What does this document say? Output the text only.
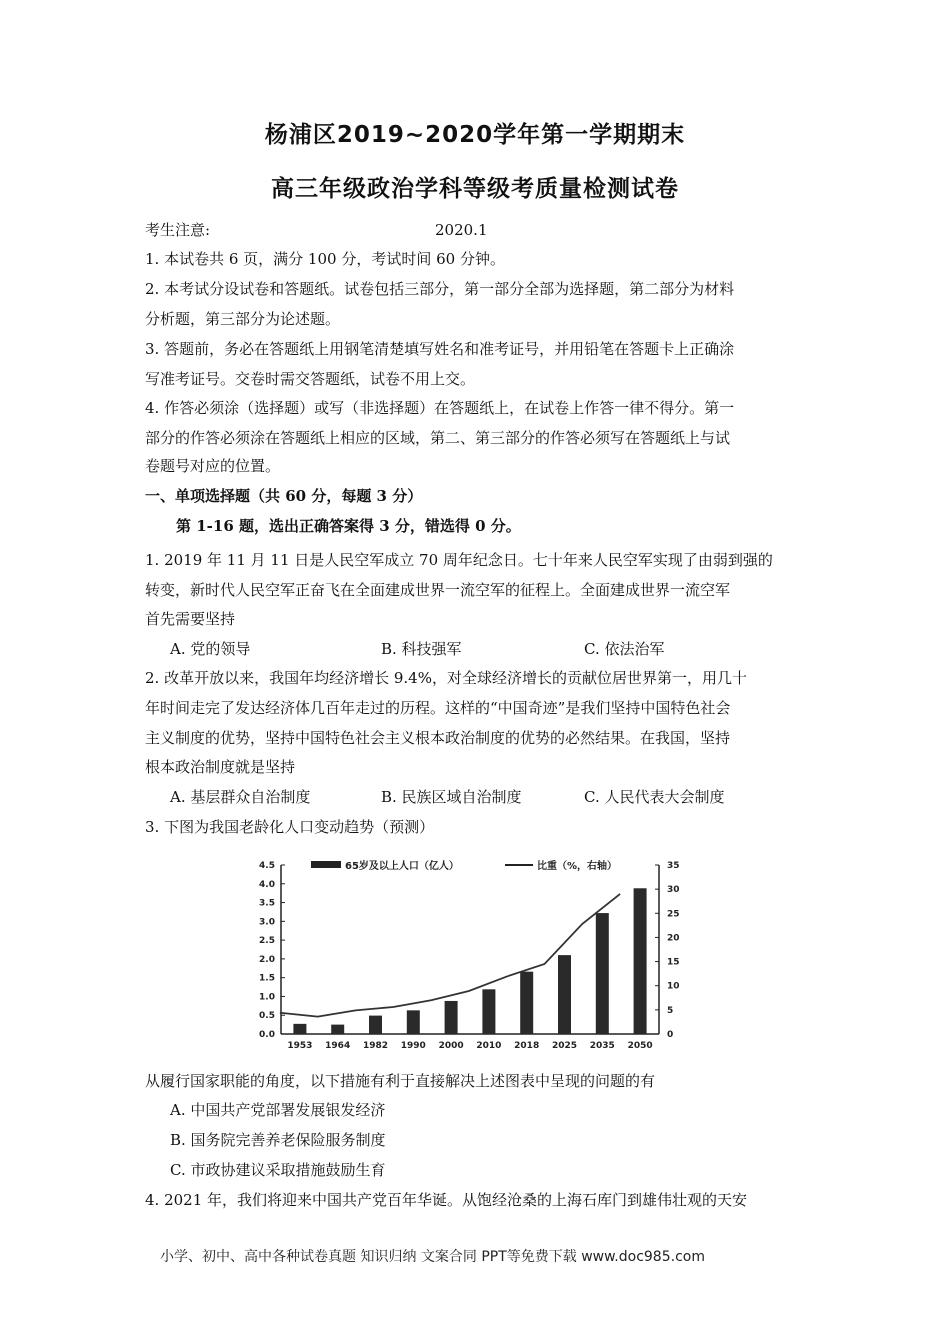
杨浦区2019~2020学年第一学期期末
高三年级政治学科等级考质量检测试卷
考生注意:	2020.1
1. 本试卷共 6 页，满分 100 分，考试时间 60 分钟。
2. 本考试分设试卷和答题纸。试卷包括三部分，第一部分全部为选择题，第二部分为材料
分析题，第三部分为论述题。
3. 答题前，务必在答题纸上用钢笔清楚填写姓名和准考证号，并用铅笔在答题卡上正确涂
写准考证号。交卷时需交答题纸，试卷不用上交。
4. 作答必须涂（选择题）或写（非选择题）在答题纸上，在试卷上作答一律不得分。第一
部分的作答必须涂在答题纸上相应的区域，第二、第三部分的作答必须写在答题纸上与试
卷题号对应的位置。
一、单项选择题（共 60 分，每题 3 分）
第 1-16 题，选出正确答案得 3 分，错选得 0 分。
1. 2019 年 11 月 11 日是人民空军成立 70 周年纪念日。七十年来人民空军实现了由弱到强的
转变，新时代人民空军正奋飞在全面建成世界一流空军的征程上。全面建成世界一流空军
首先需要坚持
A. 党的领导	B. 科技强军	C. 依法治军
2. 改革开放以来，我国年均经济增长 9.4%，对全球经济增长的贡献位居世界第一，用几十
年时间走完了发达经济体几百年走过的历程。这样的“中国奇迹”是我们坚持中国特色社会
主义制度的优势，坚持中国特色社会主义根本政治制度的优势的必然结果。在我国，坚持
根本政治制度就是坚持
A. 基层群众自治制度	B. 民族区域自治制度	C. 人民代表大会制度
3. 下图为我国老龄化人口变动趋势（预测）
65岁及以上人口（亿人）	比重（%，右轴）
0.0
0.5
1.0
1.5
2.0
2.5
3.0
3.5
4.0
4.5
0
5
10
15
20
25
30
35
1953 1964 1982 1990 2000 2010 2018 2025 2035 2050
从履行国家职能的角度，以下措施有利于直接解决上述图表中呈现的问题的有
A. 中国共产党部署发展银发经济
B. 国务院完善养老保险服务制度
C. 市政协建议采取措施鼓励生育
4. 2021 年，我们将迎来中国共产党百年华诞。从饱经沧桑的上海石库门到雄伟壮观的天安
小学、初中、高中各种试卷真题 知识归纳 文案合同 PPT等免费下载 www.doc985.com
